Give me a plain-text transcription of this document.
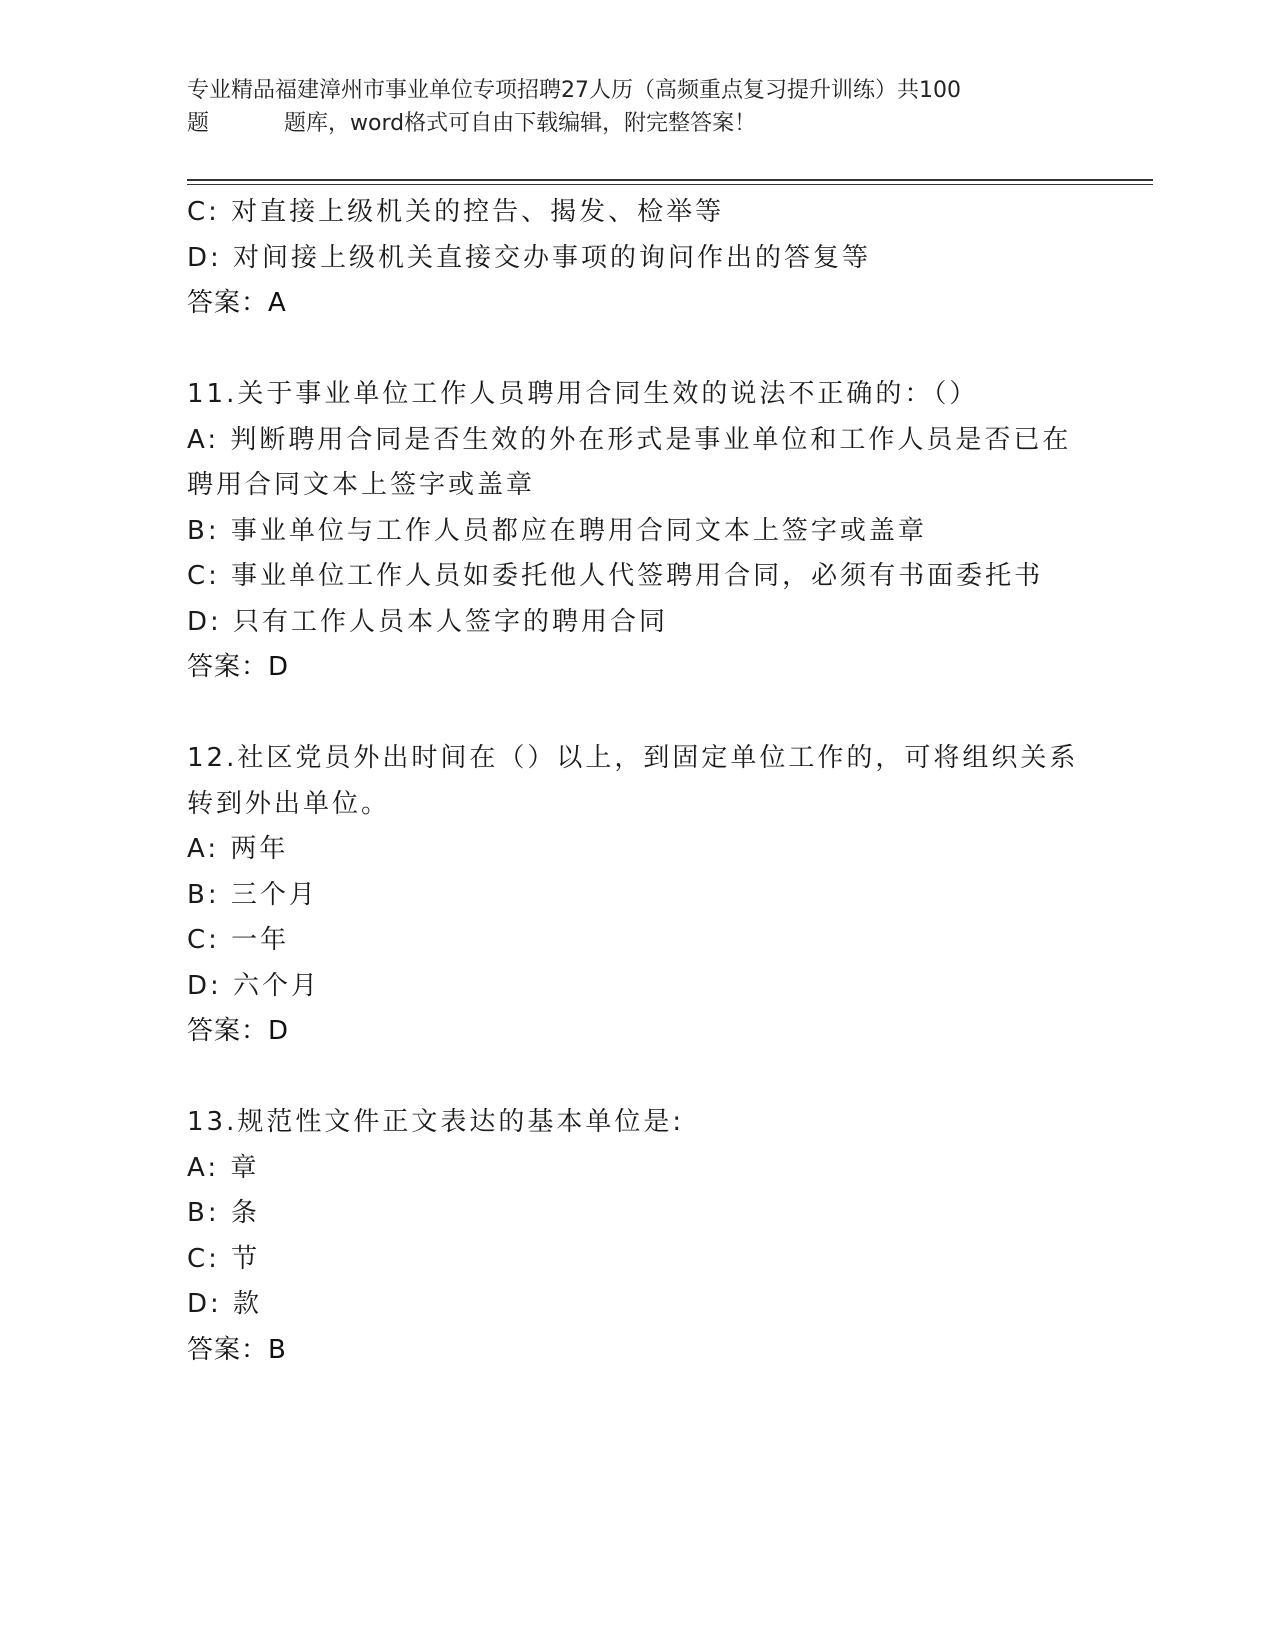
专业精品福建漳州市事业单位专项招聘27人历（高频重点复习提升训练）共100
题	题库，word格式可自由下载编辑，附完整答案！
C: 对直接上级机关的控告、揭发、检举等
D: 对间接上级机关直接交办事项的询问作出的答复等
答案：A
11.关于事业单位工作人员聘用合同生效的说法不正确的：（）
A: 判断聘用合同是否生效的外在形式是事业单位和工作人员是否已在
聘用合同文本上签字或盖章
B: 事业单位与工作人员都应在聘用合同文本上签字或盖章
C: 事业单位工作人员如委托他人代签聘用合同，必须有书面委托书
D: 只有工作人员本人签字的聘用合同
答案：D
12.社区党员外出时间在（）以上，到固定单位工作的，可将组织关系
转到外出单位。
A: 两年
B: 三个月
C: 一年
D: 六个月
答案：D
13.规范性文件正文表达的基本单位是:
A: 章
B: 条
C: 节
D: 款
答案：B
